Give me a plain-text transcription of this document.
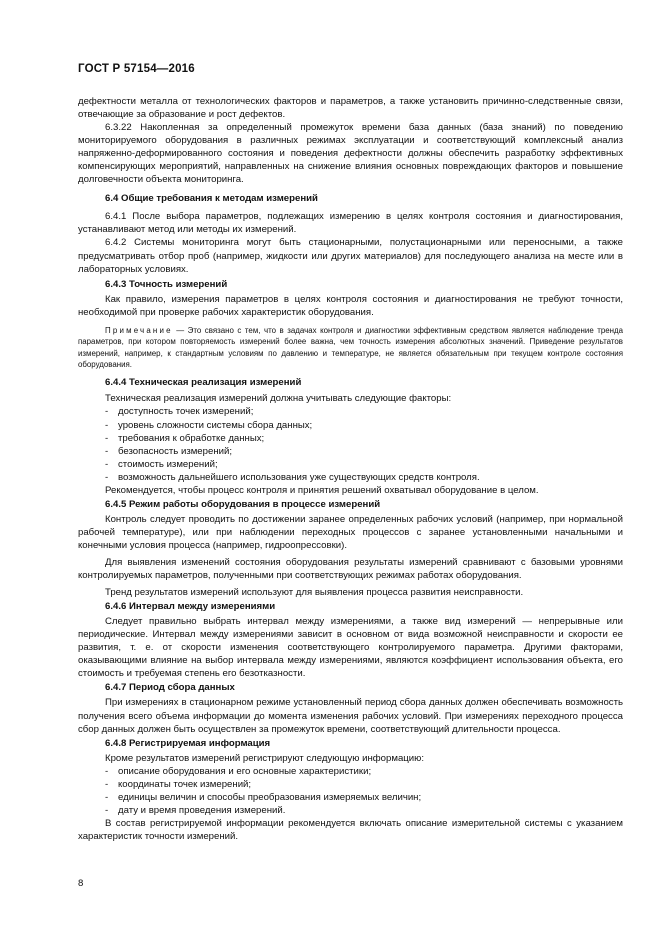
ГОСТ Р 57154—2016

дефектности металла от технологических факторов и параметров, а также установить причинно-следственные связи, отвечающие за образование и рост дефектов.

6.3.22 Накопленная за определенный промежуток времени база данных (база знаний) по поведению мониторируемого оборудования в различных режимах эксплуатации и соответствующий комплексный анализ напряженно-деформированного состояния и поведения дефектности должны обеспечить разработку эффективных компенсирующих мероприятий, направленных на снижение влияния основных повреждающих факторов и повышение долговечности объекта мониторинга.

6.4 Общие требования к методам измерений

6.4.1 После выбора параметров, подлежащих измерению в целях контроля состояния и диагностирования, устанавливают метод или методы их измерений.

6.4.2 Системы мониторинга могут быть стационарными, полустационарными или переносными, а также предусматривать отбор проб (например, жидкости или других материалов) для последующего анализа на месте или в лабораторных условиях.

6.4.3 Точность измерений

Как правило, измерения параметров в целях контроля состояния и диагностирования не требуют точности, необходимой при проверке рабочих характеристик оборудования.

Примечание — Это связано с тем, что в задачах контроля и диагностики эффективным средством является наблюдение тренда параметров, при котором повторяемость измерений более важна, чем точность измерения абсолютных значений. Приведение результатов измерений, например, к стандартным условиям по давлению и температуре, не является обязательным при текущем контроле состояния оборудования.

6.4.4 Техническая реализация измерений

Техническая реализация измерений должна учитывать следующие факторы:

- доступность точек измерений;
- уровень сложности системы сбора данных;
- требования к обработке данных;
- безопасность измерений;
- стоимость измерений;
- возможность дальнейшего использования уже существующих средств контроля.

Рекомендуется, чтобы процесс контроля и принятия решений охватывал оборудование в целом.

6.4.5 Режим работы оборудования в процессе измерений

Контроль следует проводить по достижении заранее определенных рабочих условий (например, при нормальной рабочей температуре), или при наблюдении переходных процессов с заранее установленными начальными и конечными условия процесса (например, гидроопрессовки).

Для выявления изменений состояния оборудования результаты измерений сравнивают с базовыми уровнями контролируемых параметров, полученными при соответствующих режимах работах оборудования.

Тренд результатов измерений используют для выявления процесса развития неисправности.

6.4.6 Интервал между измерениями

Следует правильно выбрать интервал между измерениями, а также вид измерений — непрерывные или периодические. Интервал между измерениями зависит в основном от вида возможной неисправности и скорости ее развития, т. е. от скорости изменения соответствующего контролируемого параметра. Другими факторами, оказывающими влияние на выбор интервала между измерениями, являются коэффициент использования объекта, его стоимость и требуемая степень его безотказности.

6.4.7 Период сбора данных

При измерениях в стационарном режиме установленный период сбора данных должен обеспечивать возможность получения всего объема информации до момента изменения рабочих условий. При измерениях переходного процесса сбор данных должен быть осуществлен за промежуток времени, соответствующий длительности процесса.

6.4.8 Регистрируемая информация

Кроме результатов измерений регистрируют следующую информацию:

- описание оборудования и его основные характеристики;
- координаты точек измерений;
- единицы величин и способы преобразования измеряемых величин;
- дату и время проведения измерений.

В состав регистрируемой информации рекомендуется включать описание измерительной системы с указанием характеристик точности измерений.

8
